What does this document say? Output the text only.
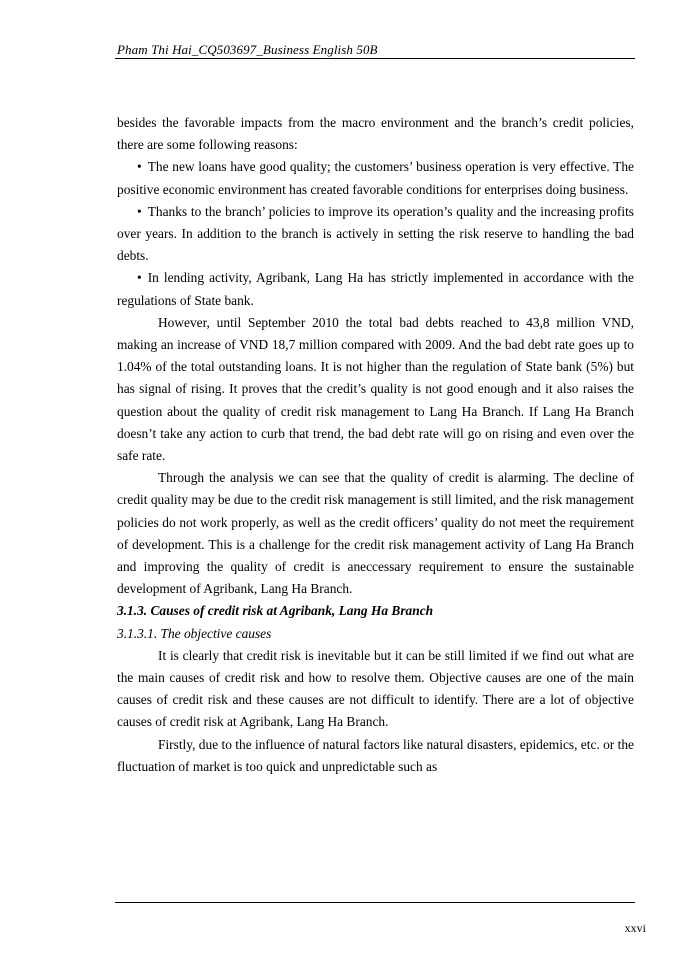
Pham Thi Hai_CQ503697_Business English 50B

besides the favorable impacts from the macro environment and the branch’s credit policies, there are some following reasons:

• The new loans have good quality; the customers’ business operation is very effective. The positive economic environment has created favorable conditions for enterprises doing business.

• Thanks to the branch’ policies to improve its operation’s quality and the increasing profits over years. In addition to the branch is actively in setting the risk reserve to handling the bad debts.

• In lending activity, Agribank, Lang Ha has strictly implemented in accordance with the regulations of State bank.

However, until September 2010 the total bad debts reached to 43,8 million VND, making an increase of VND 18,7 million compared with 2009. And the bad debt rate goes up to 1.04% of the total outstanding loans. It is not higher than the regulation of State bank (5%) but has signal of rising. It proves that the credit’s quality is not good enough and it also raises the question about the quality of credit risk management to Lang Ha Branch. If Lang Ha Branch doesn’t take any action to curb that trend, the bad debt rate will go on rising and even over the safe rate.

Through the analysis we can see that the quality of credit is alarming. The decline of credit quality may be due to the credit risk management is still limited, and the risk management policies do not work properly, as well as the credit officers’ quality do not meet the requirement of development. This is a challenge for the credit risk management activity of Lang Ha Branch and improving the quality of credit is aneccessary requirement to ensure the sustainable development of Agribank, Lang Ha Branch.

3.1.3. Causes of credit risk at Agribank, Lang Ha Branch

3.1.3.1. The objective causes

It is clearly that credit risk is inevitable but it can be still limited if we find out what are the main causes of credit risk and how to resolve them. Objective causes are one of the main causes of credit risk and these causes are not difficult to identify. There are a lot of objective causes of credit risk at Agribank, Lang Ha Branch.

Firstly, due to the influence of natural factors like natural disasters, epidemics, etc. or the fluctuation of market is too quick and unpredictable such as

xxvi
